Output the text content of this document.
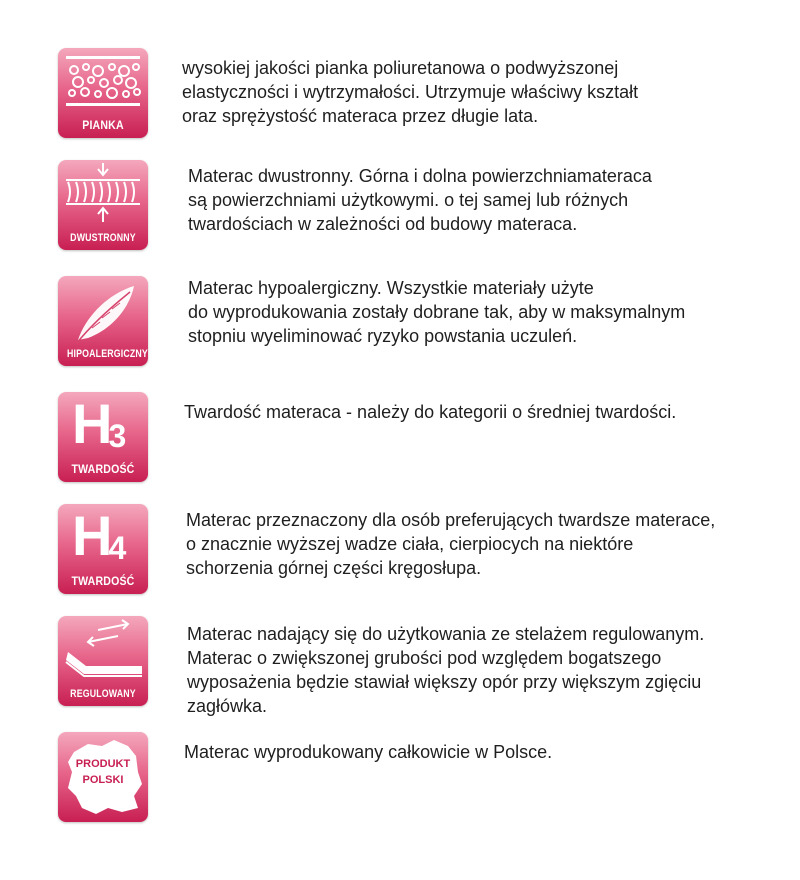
PIANKA

wysokiej jakości pianka poliuretanowa o podwyższonej
elastyczności i wytrzymałości. Utrzymuje właściwy kształt
oraz sprężystość materaca przez długie lata.

DWUSTRONNY

Materac dwustronny. Górna i dolna powierzchniamateraca
są powierzchniami użytkowymi. o tej samej lub różnych
twardościach w zależności od budowy materaca.

HIPOALERGICZNY

Materac hypoalergiczny. Wszystkie materiały użyte
do wyprodukowania zostały dobrane tak, aby w maksymalnym
stopniu wyeliminować ryzyko powstania uczuleń.

H3
TWARDOŚĆ

Twardość materaca - należy do kategorii o średniej twardości.

H4
TWARDOŚĆ

Materac przeznaczony dla osób preferujących twardsze materace,
o znacznie wyższej wadze ciała, cierpiocych na niektóre
schorzenia górnej części kręgosłupa.

REGULOWANY

Materac nadający się do użytkowania ze stelażem regulowanym.
Materac o zwiększonej grubości pod względem bogatszego
wyposażenia będzie stawiał większy opór przy większym zgięciu
zagłówka.

PRODUKT
POLSKI

Materac wyprodukowany całkowicie w Polsce.
